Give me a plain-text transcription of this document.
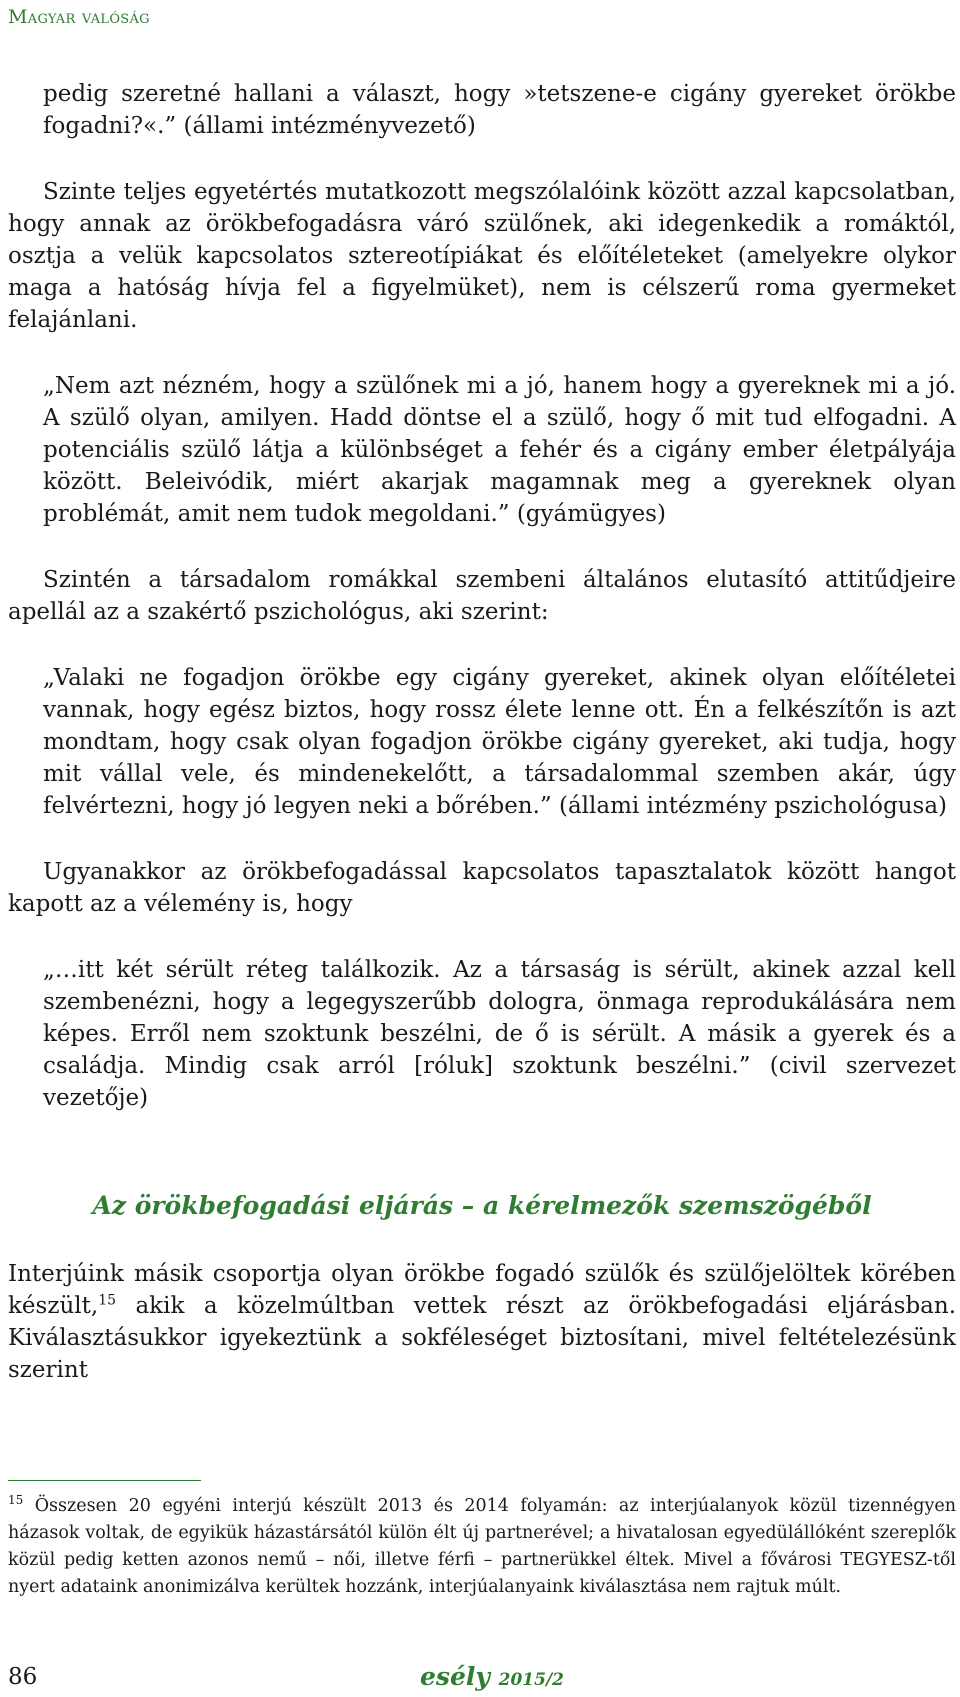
Magyar valóság

pedig szeretné hallani a választ, hogy »tetszene-e cigány gyereket örökbe fogadni?«.” (állami intézményvezető)

Szinte teljes egyetértés mutatkozott megszólalóink között azzal kapcsolatban, hogy annak az örökbefogadásra váró szülőnek, aki idegenkedik a romáktól, osztja a velük kapcsolatos sztereotípiákat és előítéleteket (amelyekre olykor maga a hatóság hívja fel a figyelmüket), nem is célszerű roma gyermeket felajánlani.

„Nem azt nézném, hogy a szülőnek mi a jó, hanem hogy a gyereknek mi a jó. A szülő olyan, amilyen. Hadd döntse el a szülő, hogy ő mit tud elfogadni. A potenciális szülő látja a különbséget a fehér és a cigány ember életpályája között. Beleivódik, miért akarjak magamnak meg a gyereknek olyan problémát, amit nem tudok megoldani.” (gyámügyes)

Szintén a társadalom romákkal szembeni általános elutasító attitűdjeire apellál az a szakértő pszichológus, aki szerint:

„Valaki ne fogadjon örökbe egy cigány gyereket, akinek olyan előítéletei vannak, hogy egész biztos, hogy rossz élete lenne ott. Én a felkészítőn is azt mondtam, hogy csak olyan fogadjon örökbe cigány gyereket, aki tudja, hogy mit vállal vele, és mindenekelőtt, a társadalommal szemben akár, úgy felvértezni, hogy jó legyen neki a bőrében.” (állami intézmény pszichológusa)

Ugyanakkor az örökbefogadással kapcsolatos tapasztalatok között hangot kapott az a vélemény is, hogy

„…itt két sérült réteg találkozik. Az a társaság is sérült, akinek azzal kell szembenézni, hogy a legegyszerűbb dologra, önmaga reprodukálására nem képes. Erről nem szoktunk beszélni, de ő is sérült. A másik a gyerek és a családja. Mindig csak arról [róluk] szoktunk beszélni.” (civil szervezet vezetője)

Az örökbefogadási eljárás – a kérelmezők szemszögéből

Interjúink másik csoportja olyan örökbe fogadó szülők és szülőjelöltek körében készült,$^{15}$ akik a közelmúltban vettek részt az örökbefogadási eljárásban. Kiválasztásukkor igyekeztünk a sokféleséget biztosítani, mivel feltételezésünk szerint

$^{15}$ Összesen 20 egyéni interjú készült 2013 és 2014 folyamán: az interjúalanyok közül tizennégyen házasok voltak, de egyikük házastársától külön élt új partnerével; a hivatalosan egyedülállóként szereplők közül pedig ketten azonos nemű – női, illetve férfi – partnerükkel éltek. Mivel a fővárosi TEGYESZ-től nyert adataink anonimizálva kerültek hozzánk, interjúalanyaink kiválasztása nem rajtuk múlt.

86	esély 2015/2
